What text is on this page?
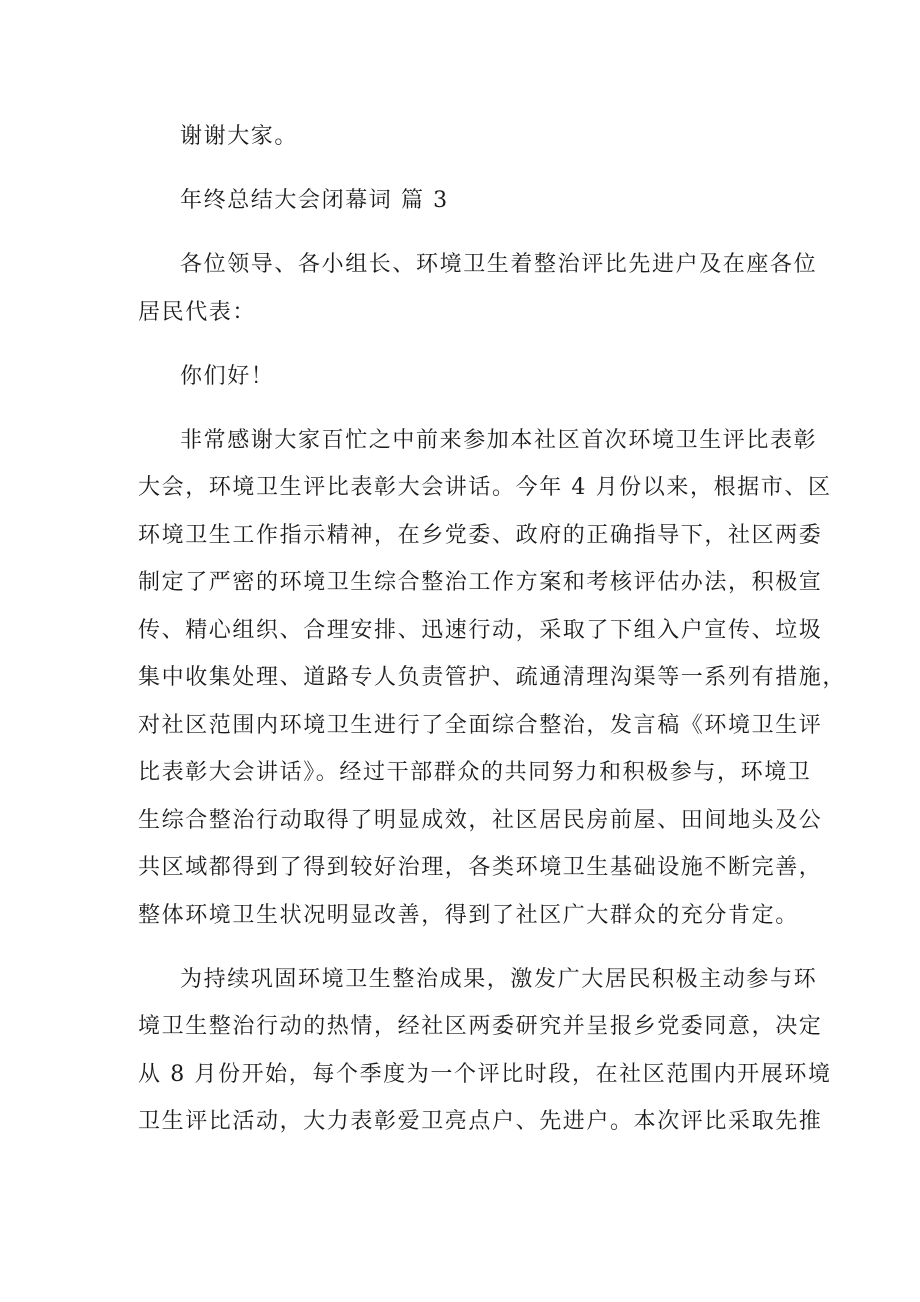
谢谢大家。
年终总结大会闭幕词 篇 3
各位领导、各小组长、环境卫生着整治评比先进户及在座各位
居民代表：
你们好！
非常感谢大家百忙之中前来参加本社区首次环境卫生评比表彰
大会，环境卫生评比表彰大会讲话。今年 4 月份以来，根据市、区
环境卫生工作指示精神，在乡党委、政府的正确指导下，社区两委
制定了严密的环境卫生综合整治工作方案和考核评估办法，积极宣
传、精心组织、合理安排、迅速行动，采取了下组入户宣传、垃圾
集中收集处理、道路专人负责管护、疏通清理沟渠等一系列有措施，
对社区范围内环境卫生进行了全面综合整治，发言稿《环境卫生评
比表彰大会讲话》。经过干部群众的共同努力和积极参与，环境卫
生综合整治行动取得了明显成效，社区居民房前屋、田间地头及公
共区域都得到了得到较好治理，各类环境卫生基础设施不断完善，
整体环境卫生状况明显改善，得到了社区广大群众的充分肯定。
为持续巩固环境卫生整治成果，激发广大居民积极主动参与环
境卫生整治行动的热情，经社区两委研究并呈报乡党委同意，决定
从 8 月份开始，每个季度为一个评比时段，在社区范围内开展环境
卫生评比活动，大力表彰爱卫亮点户、先进户。本次评比采取先推
